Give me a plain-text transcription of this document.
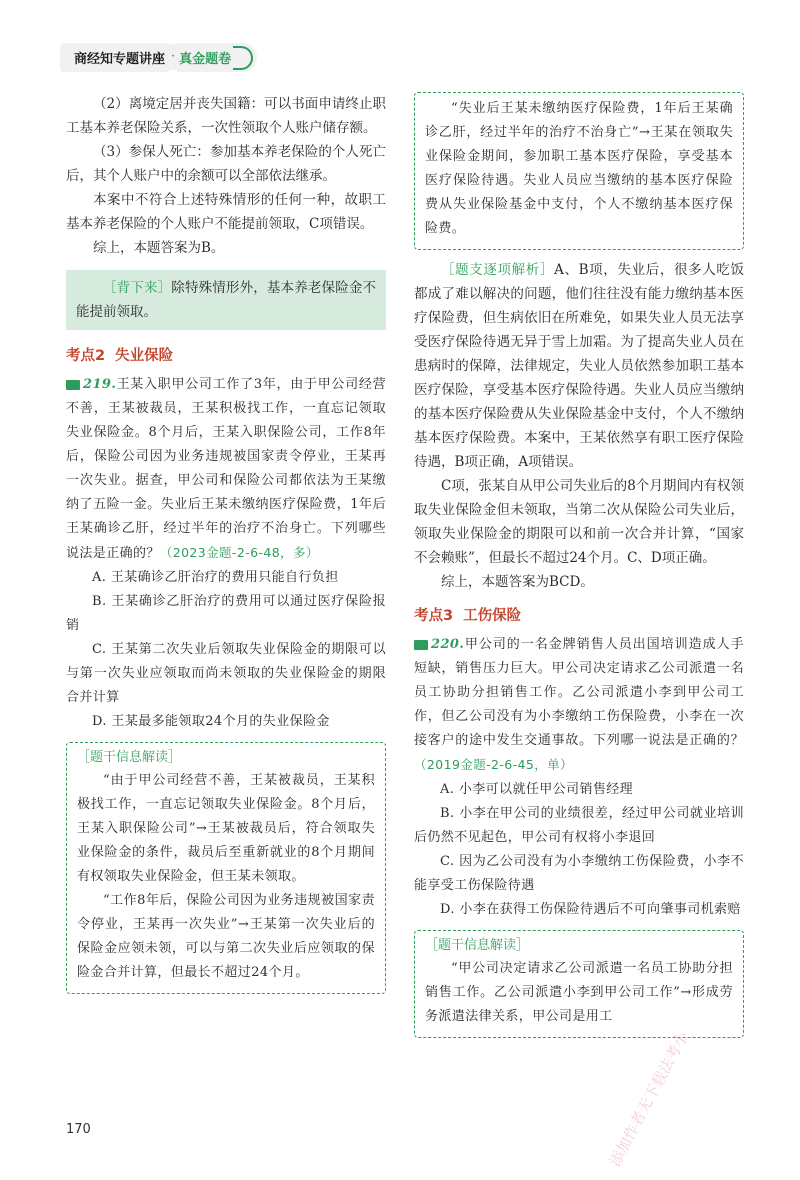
商经知专题讲座 · 真金题卷

（2）离境定居并丧失国籍：可以书面申请终止职工基本养老保险关系，一次性领取个人账户储存额。

（3）参保人死亡：参加基本养老保险的个人死亡后，其个人账户中的余额可以全部依法继承。

本案中不符合上述特殊情形的任何一种，故职工基本养老保险的个人账户不能提前领取，C项错误。

综上，本题答案为B。

［背下来］除特殊情形外，基本养老保险金不能提前领取。

考点2 失业保险

219.王某入职甲公司工作了3年，由于甲公司经营不善，王某被裁员，王某积极找工作，一直忘记领取失业保险金。8个月后，王某入职保险公司，工作8年后，保险公司因为业务违规被国家责令停业，王某再一次失业。据查，甲公司和保险公司都依法为王某缴纳了五险一金。失业后王某未缴纳医疗保险费，1年后王某确诊乙肝，经过半年的治疗不治身亡。下列哪些说法是正确的？（2023金题-2-6-48，多）

A. 王某确诊乙肝治疗的费用只能自行负担

B. 王某确诊乙肝治疗的费用可以通过医疗保险报销

C. 王某第二次失业后领取失业保险金的期限可以与第一次失业应领取而尚未领取的失业保险金的期限合并计算

D. 王某最多能领取24个月的失业保险金

［题干信息解读］

“由于甲公司经营不善，王某被裁员，王某积极找工作，一直忘记领取失业保险金。8个月后，王某入职保险公司”→王某被裁员后，符合领取失业保险金的条件，裁员后至重新就业的8个月期间有权领取失业保险金，但王某未领取。

“工作8年后，保险公司因为业务违规被国家责令停业，王某再一次失业”→王某第一次失业后的保险金应领未领，可以与第二次失业后应领取的保险金合并计算，但最长不超过24个月。

“失业后王某未缴纳医疗保险费，1年后王某确诊乙肝，经过半年的治疗不治身亡”→王某在领取失业保险金期间，参加职工基本医疗保险，享受基本医疗保险待遇。失业人员应当缴纳的基本医疗保险费从失业保险基金中支付，个人不缴纳基本医疗保险费。

［题支逐项解析］A、B项，失业后，很多人吃饭都成了难以解决的问题，他们往往没有能力缴纳基本医疗保险费，但生病依旧在所难免，如果失业人员无法享受医疗保险待遇无异于雪上加霜。为了提高失业人员在患病时的保障，法律规定，失业人员依然参加职工基本医疗保险，享受基本医疗保险待遇。失业人员应当缴纳的基本医疗保险费从失业保险基金中支付，个人不缴纳基本医疗保险费。本案中，王某依然享有职工医疗保险待遇，B项正确，A项错误。

C项，张某自从甲公司失业后的8个月期间内有权领取失业保险金但未领取，当第二次从保险公司失业后，领取失业保险金的期限可以和前一次合并计算，“国家不会赖账”，但最长不超过24个月。C、D项正确。

综上，本题答案为BCD。

考点3 工伤保险

220.甲公司的一名金牌销售人员出国培训造成人手短缺，销售压力巨大。甲公司决定请求乙公司派遣一名员工协助分担销售工作。乙公司派遣小李到甲公司工作，但乙公司没有为小李缴纳工伤保险费，小李在一次接客户的途中发生交通事故。下列哪一说法是正确的？（2019金题-2-6-45，单）

A. 小李可以就任甲公司销售经理

B. 小李在甲公司的业绩很差，经过甲公司就业培训后仍然不见起色，甲公司有权将小李退回

C. 因为乙公司没有为小李缴纳工伤保险费，小李不能享受工伤保险待遇

D. 小李在获得工伤保险待遇后不可向肇事司机索赔

［题干信息解读］

“甲公司决定请求乙公司派遣一名员工协助分担销售工作。乙公司派遣小李到甲公司工作”→形成劳务派遣法律关系，甲公司是用工

170	添加作者无下载法考小
